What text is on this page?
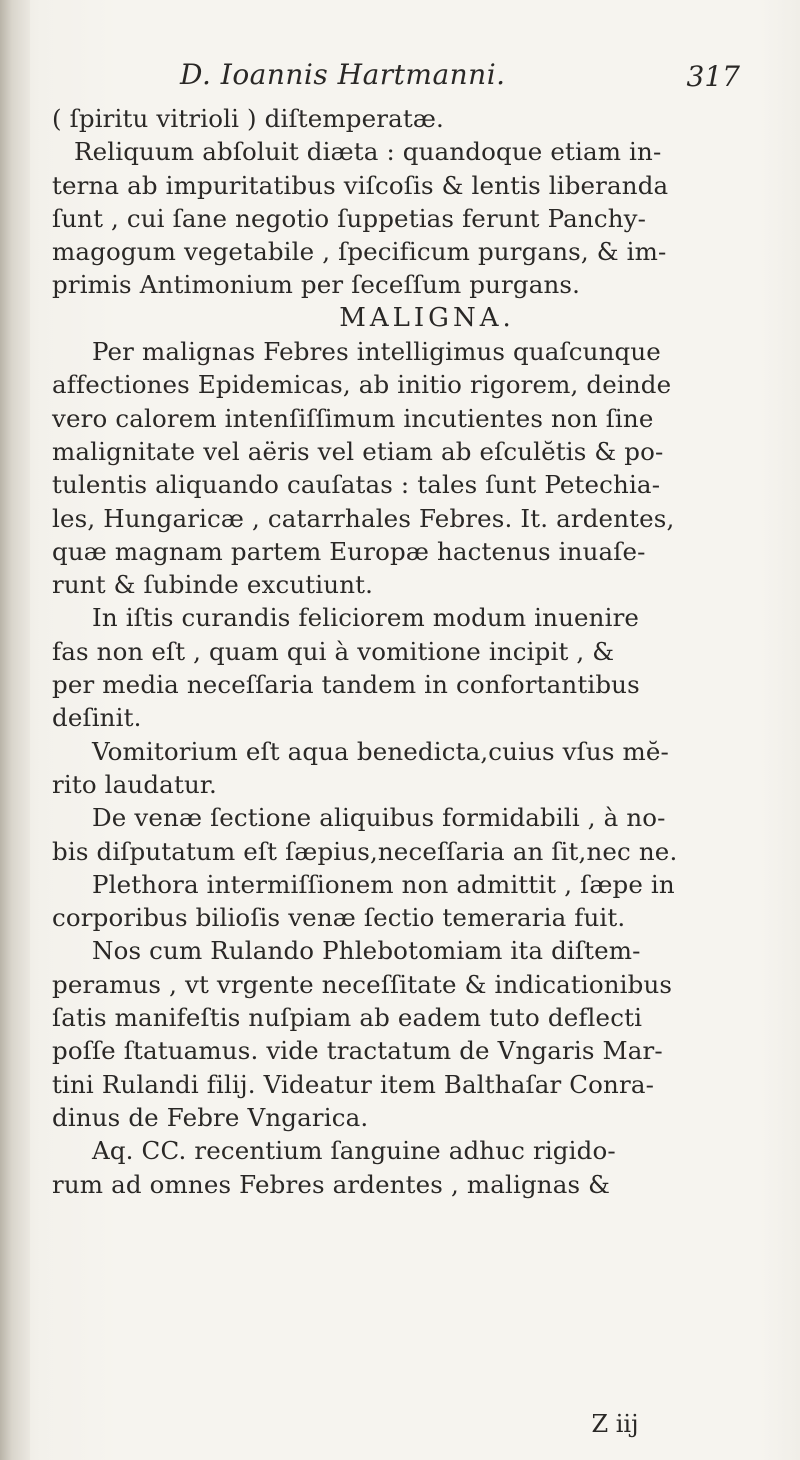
D. Ioannis Hartmanni.	317
( ſpiritu vitrioli ) diſtemperatæ.
Reliquum abſoluit diæta : quandoque etiam in-
terna ab impuritatibus viſcoſis & lentis liberanda
ſunt , cui ſane negotio ſuppetias ferunt Panchy-
magogum vegetabile , ſpecificum purgans, & im-
primis Antimonium per ſeceſſum purgans.
MALIGNA.
Per malignas Febres intelligimus quaſcunque
affectiones Epidemicas, ab initio rigorem, deinde
vero calorem intenſiſſimum incutientes non ſine
malignitate vel aëris vel etiam ab eſculĕtis & po-
tulentis aliquando cauſatas : tales ſunt Petechia-
les, Hungaricæ , catarrhales Febres. It. ardentes,
quæ magnam partem Europæ hactenus inuaſe-
runt & ſubinde excutiunt.
In iſtis curandis feliciorem modum inuenire
fas non eſt , quam qui à vomitione incipit , &
per media neceſſaria tandem in confortantibus
deſinit.
Vomitorium eſt aqua benedicta,cuius vſus mĕ-
rito laudatur.
De venæ ſectione aliquibus formidabili , à no-
bis diſputatum eſt ſæpius,neceſſaria an ſit,nec ne.
Plethora intermiſſionem non admittit , ſæpe in
corporibus bilioſis venæ ſectio temeraria fuit.
Nos cum Rulando Phlebotomiam ita diſtem-
peramus , vt vrgente neceſſitate & indicationibus
ſatis manifeſtis nuſpiam ab eadem tuto deflecti
poſſe ſtatuamus. vide tractatum de Vngaris Mar-
tini Rulandi filij. Videatur item Balthaſar Conra-
dinus de Febre Vngarica.
Aq. CC. recentium ſanguine adhuc rigido-
rum ad omnes Febres ardentes , malignas &
Z iij
